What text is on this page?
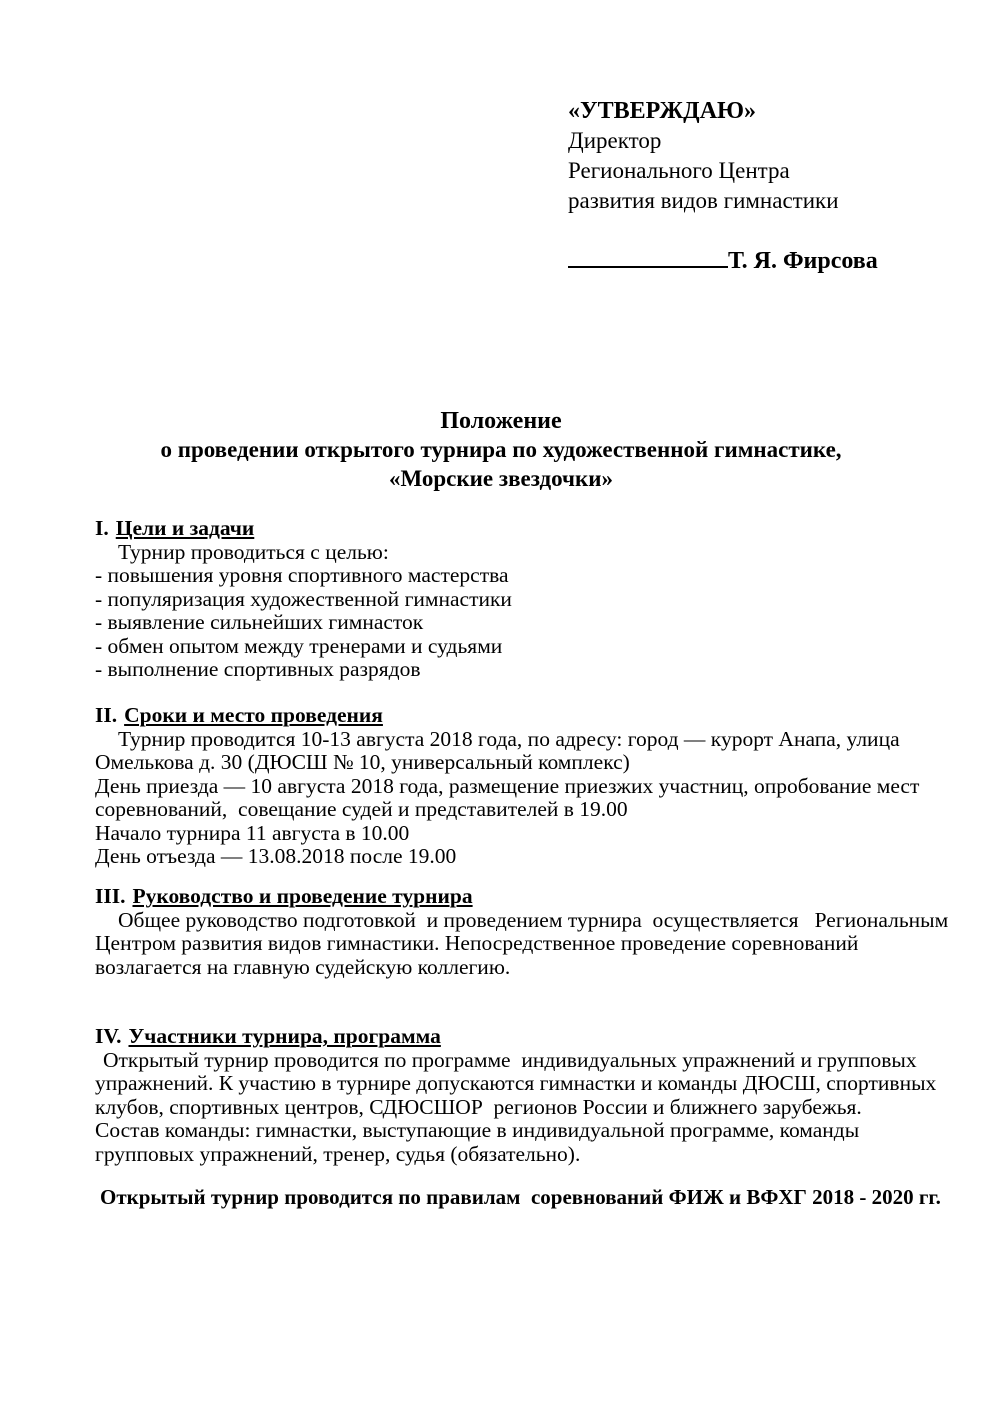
«УТВЕРЖДАЮ»
Директор
Регионального Центра
развития видов гимнастики
Т. Я. Фирсова
Положение
о проведении открытого турнира по художественной гимнастике,
«Морские звездочки»
I. Цели и задачи
Турнир проводиться с целью:
- повышения уровня спортивного мастерства
- популяризация художественной гимнастики
- выявление сильнейших гимнасток
- обмен опытом между тренерами и судьями
- выполнение спортивных разрядов
II. Сроки и место проведения
Турнир проводится 10-13 августа 2018 года, по адресу: город — курорт Анапа, улица
Омелькова д. 30 (ДЮСШ № 10, универсальный комплекс)
День приезда — 10 августа 2018 года, размещение приезжих участниц, опробование мест
соревнований,  совещание судей и представителей в 19.00
Начало турнира 11 августа в 10.00
День отъезда — 13.08.2018 после 19.00
III. Руководство и проведение турнира
Общее руководство подготовкой  и проведением турнира  осуществляется   Региональным
Центром развития видов гимнастики. Непосредственное проведение соревнований
возлагается на главную судейскую коллегию.
IV. Участники турнира, программа
Открытый турнир проводится по программе  индивидуальных упражнений и групповых
упражнений. К участию в турнире допускаются гимнастки и команды ДЮСШ, спортивных
клубов, спортивных центров, СДЮСШОР  регионов России и ближнего зарубежья.
Состав команды: гимнастки, выступающие в индивидуальной программе, команды
групповых упражнений, тренер, судья (обязательно).
Открытый турнир проводится по правилам  соревнований ФИЖ и ВФХГ 2018 - 2020 гг.
